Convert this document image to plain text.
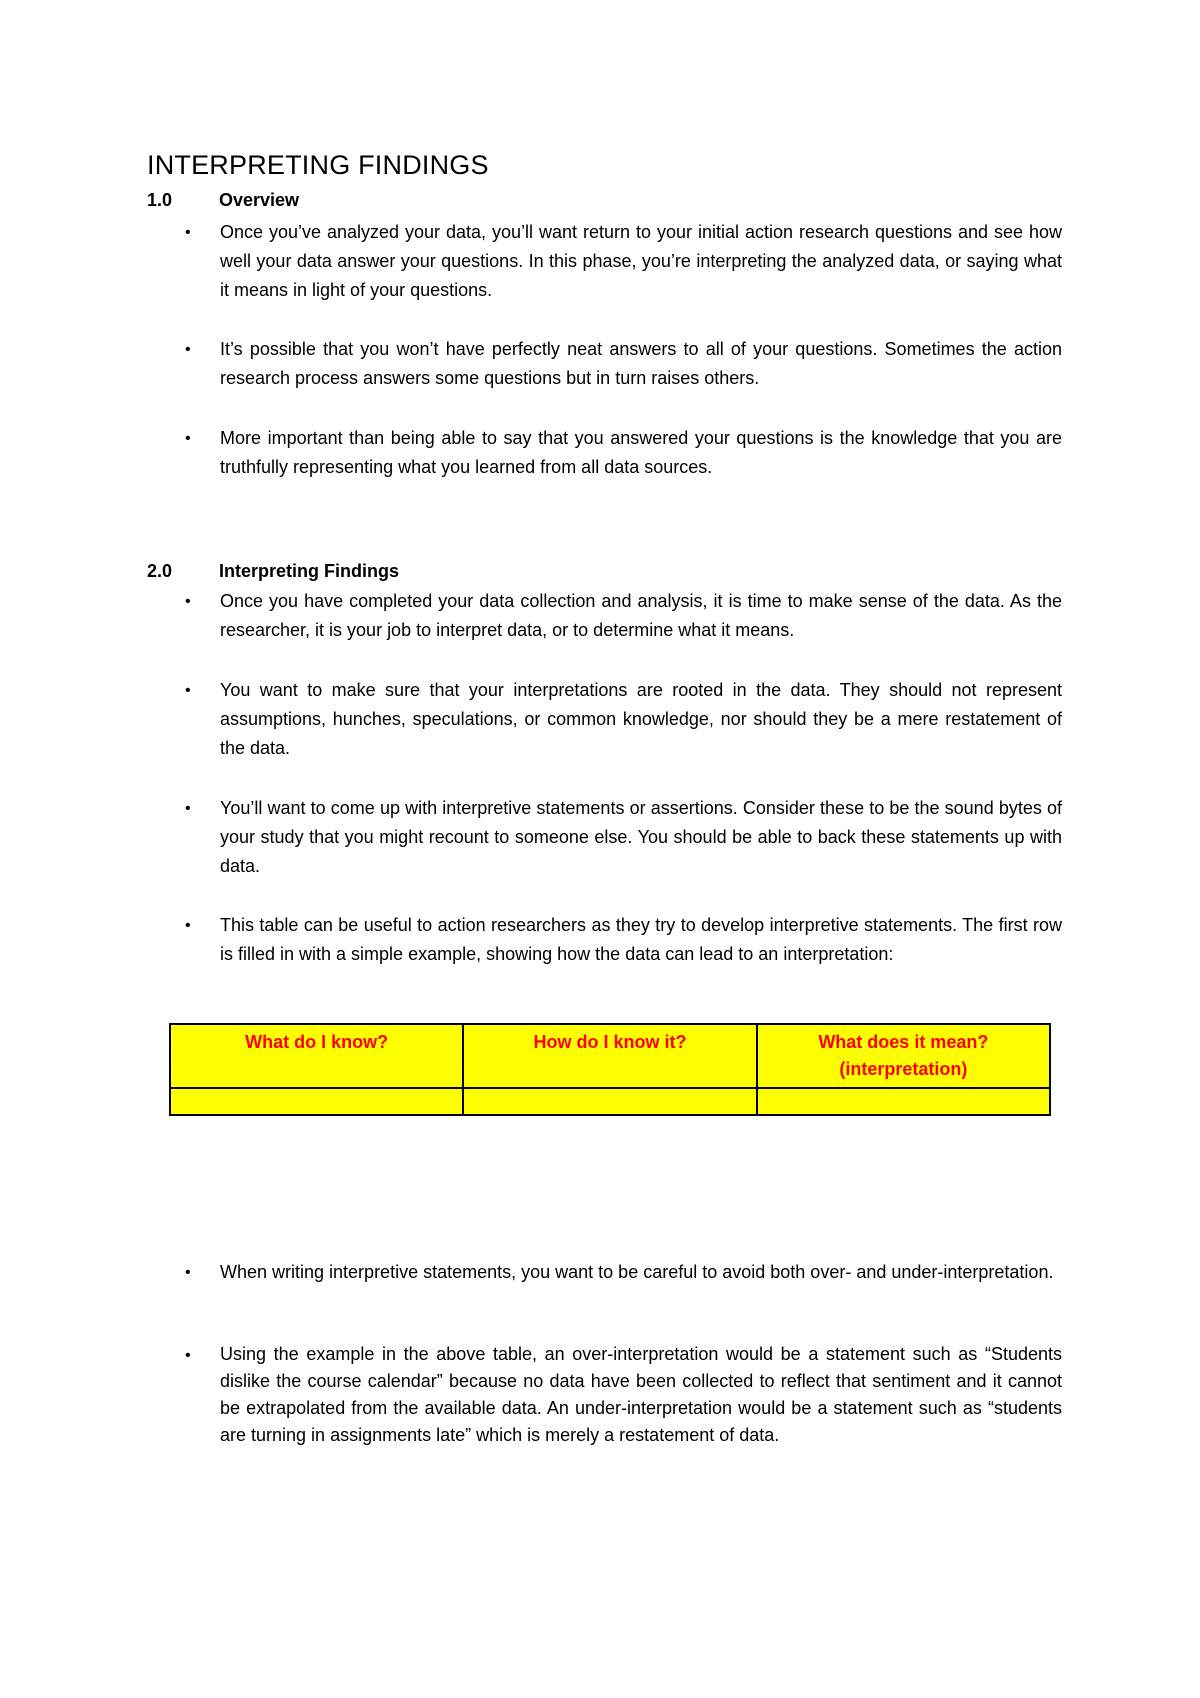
INTERPRETING FINDINGS
1.0	Overview
• Once you’ve analyzed your data, you’ll want return to your initial action research questions and see how well your data answer your questions. In this phase, you’re interpreting the analyzed data, or saying what it means in light of your questions.

• It’s possible that you won’t have perfectly neat answers to all of your questions. Sometimes the action research process answers some questions but in turn raises others.

• More important than being able to say that you answered your questions is the knowledge that you are truthfully representing what you learned from all data sources.

2.0	Interpreting Findings
• Once you have completed your data collection and analysis, it is time to make sense of the data. As the researcher, it is your job to interpret data, or to determine what it means.

• You want to make sure that your interpretations are rooted in the data. They should not represent assumptions, hunches, speculations, or common knowledge, nor should they be a mere restatement of the data.

• You’ll want to come up with interpretive statements or assertions. Consider these to be the sound bytes of your study that you might recount to someone else. You should be able to back these statements up with data.

• This table can be useful to action researchers as they try to develop interpretive statements. The first row is filled in with a simple example, showing how the data can lead to an interpretation:

What do I know?	How do I know it?	What does it mean? (interpretation)

• When writing interpretive statements, you want to be careful to avoid both over- and under-interpretation.

• Using the example in the above table, an over-interpretation would be a statement such as “Students dislike the course calendar” because no data have been collected to reflect that sentiment and it cannot be extrapolated from the available data. An under-interpretation would be a statement such as “students are turning in assignments late” which is merely a restatement of data.
